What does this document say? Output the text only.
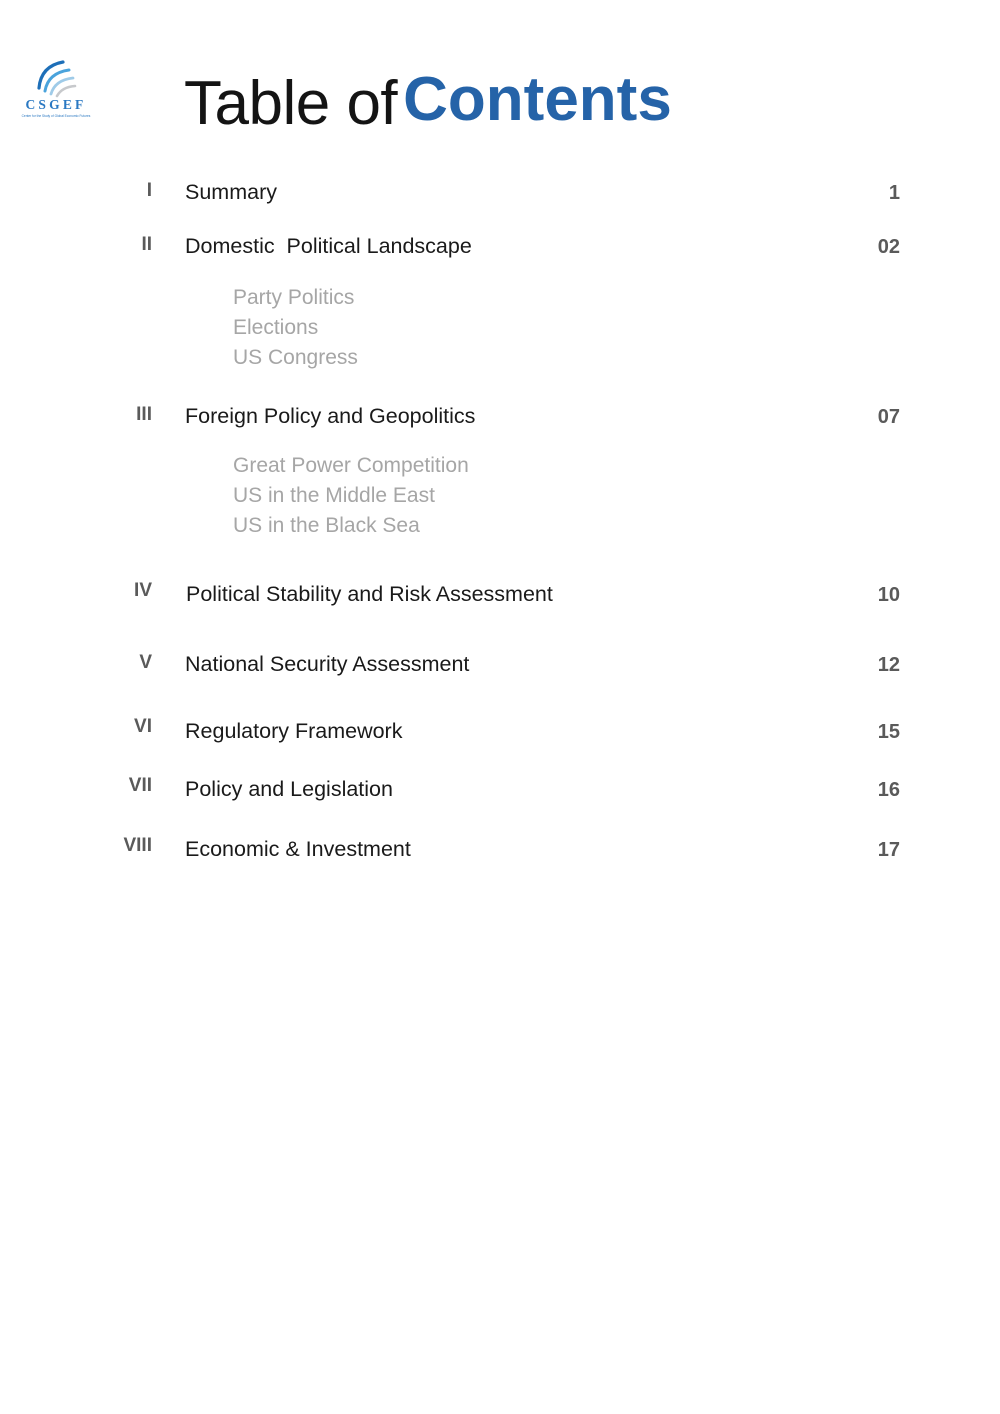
CSGEF
Center for the Study of Global Economic Futures Table ofContents
I Summary	1
II Domestic  Political Landscape	02
Party Politics
Elections
US Congress
III Foreign Policy and Geopolitics	07
Great Power Competition
US in the Middle East
US in the Black Sea
IV Political Stability and Risk Assessment	10
V National Security Assessment	12
VI Regulatory Framework	15
VII Policy and Legislation	16
VIII Economic & Investment	17
